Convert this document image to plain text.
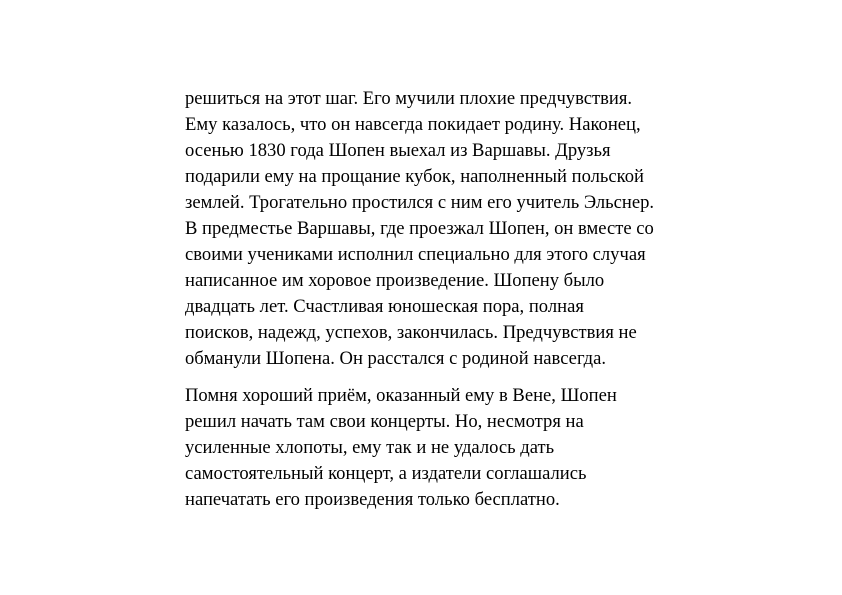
решиться на этот шаг. Его мучили плохие предчувствия.
Ему казалось, что он навсегда покидает родину. Наконец,
осенью 1830 года Шопен выехал из Варшавы. Друзья
подарили ему на прощание кубок, наполненный польской
землей. Трогательно простился с ним его учитель Эльснер.
В предместье Варшавы, где проезжал Шопен, он вместе со
своими учениками исполнил специально для этого случая
написанное им хоровое произведение. Шопену было
двадцать лет. Счастливая юношеская пора, полная
поисков, надежд, успехов, закончилась. Предчувствия не
обманули Шопена. Он расстался с родиной навсегда.

Помня хороший приём, оказанный ему в Вене, Шопен
решил начать там свои концерты. Но, несмотря на
усиленные хлопоты, ему так и не удалось дать
самостоятельный концерт, а издатели соглашались
напечатать его произведения только бесплатно.
